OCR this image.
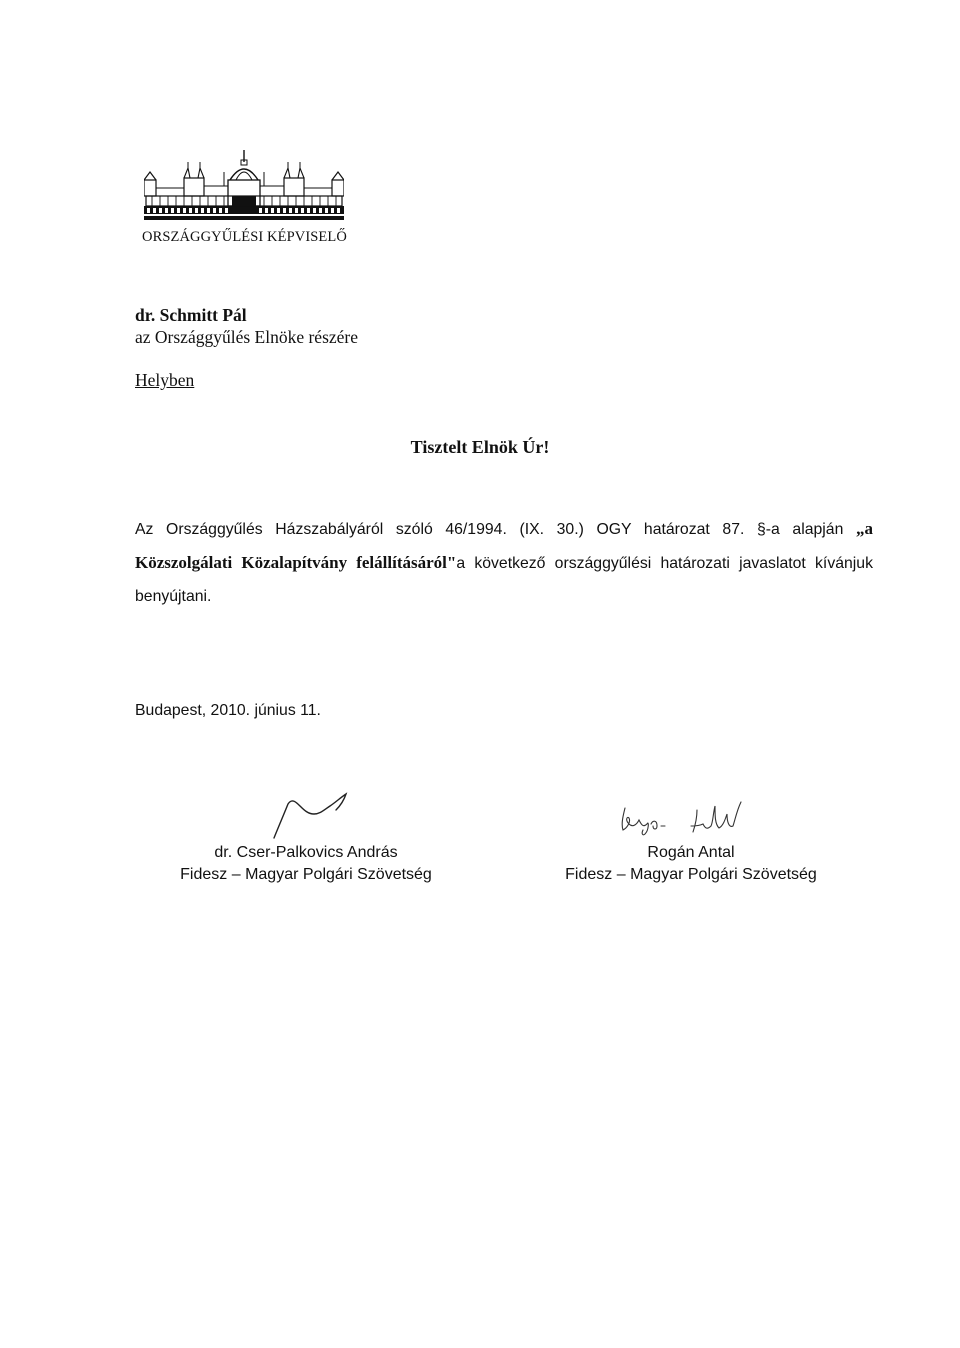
ORSZÁGGYŰLÉSI KÉPVISELŐ
dr. Schmitt Pál
az Országgyűlés Elnöke részére
Helyben
Tisztelt Elnök Úr!
Az Országgyűlés Házszabályáról szóló 46/1994. (IX. 30.) OGY határozat 87. §-a alapján „a Közszolgálati Közalapítvány felállításáról"a következő országgyűlési határozati javaslatot kívánjuk benyújtani.
Budapest, 2010. június 11.
dr. Cser-Palkovics András
Fidesz – Magyar Polgári Szövetség
Rogán Antal
Fidesz – Magyar Polgári Szövetség
